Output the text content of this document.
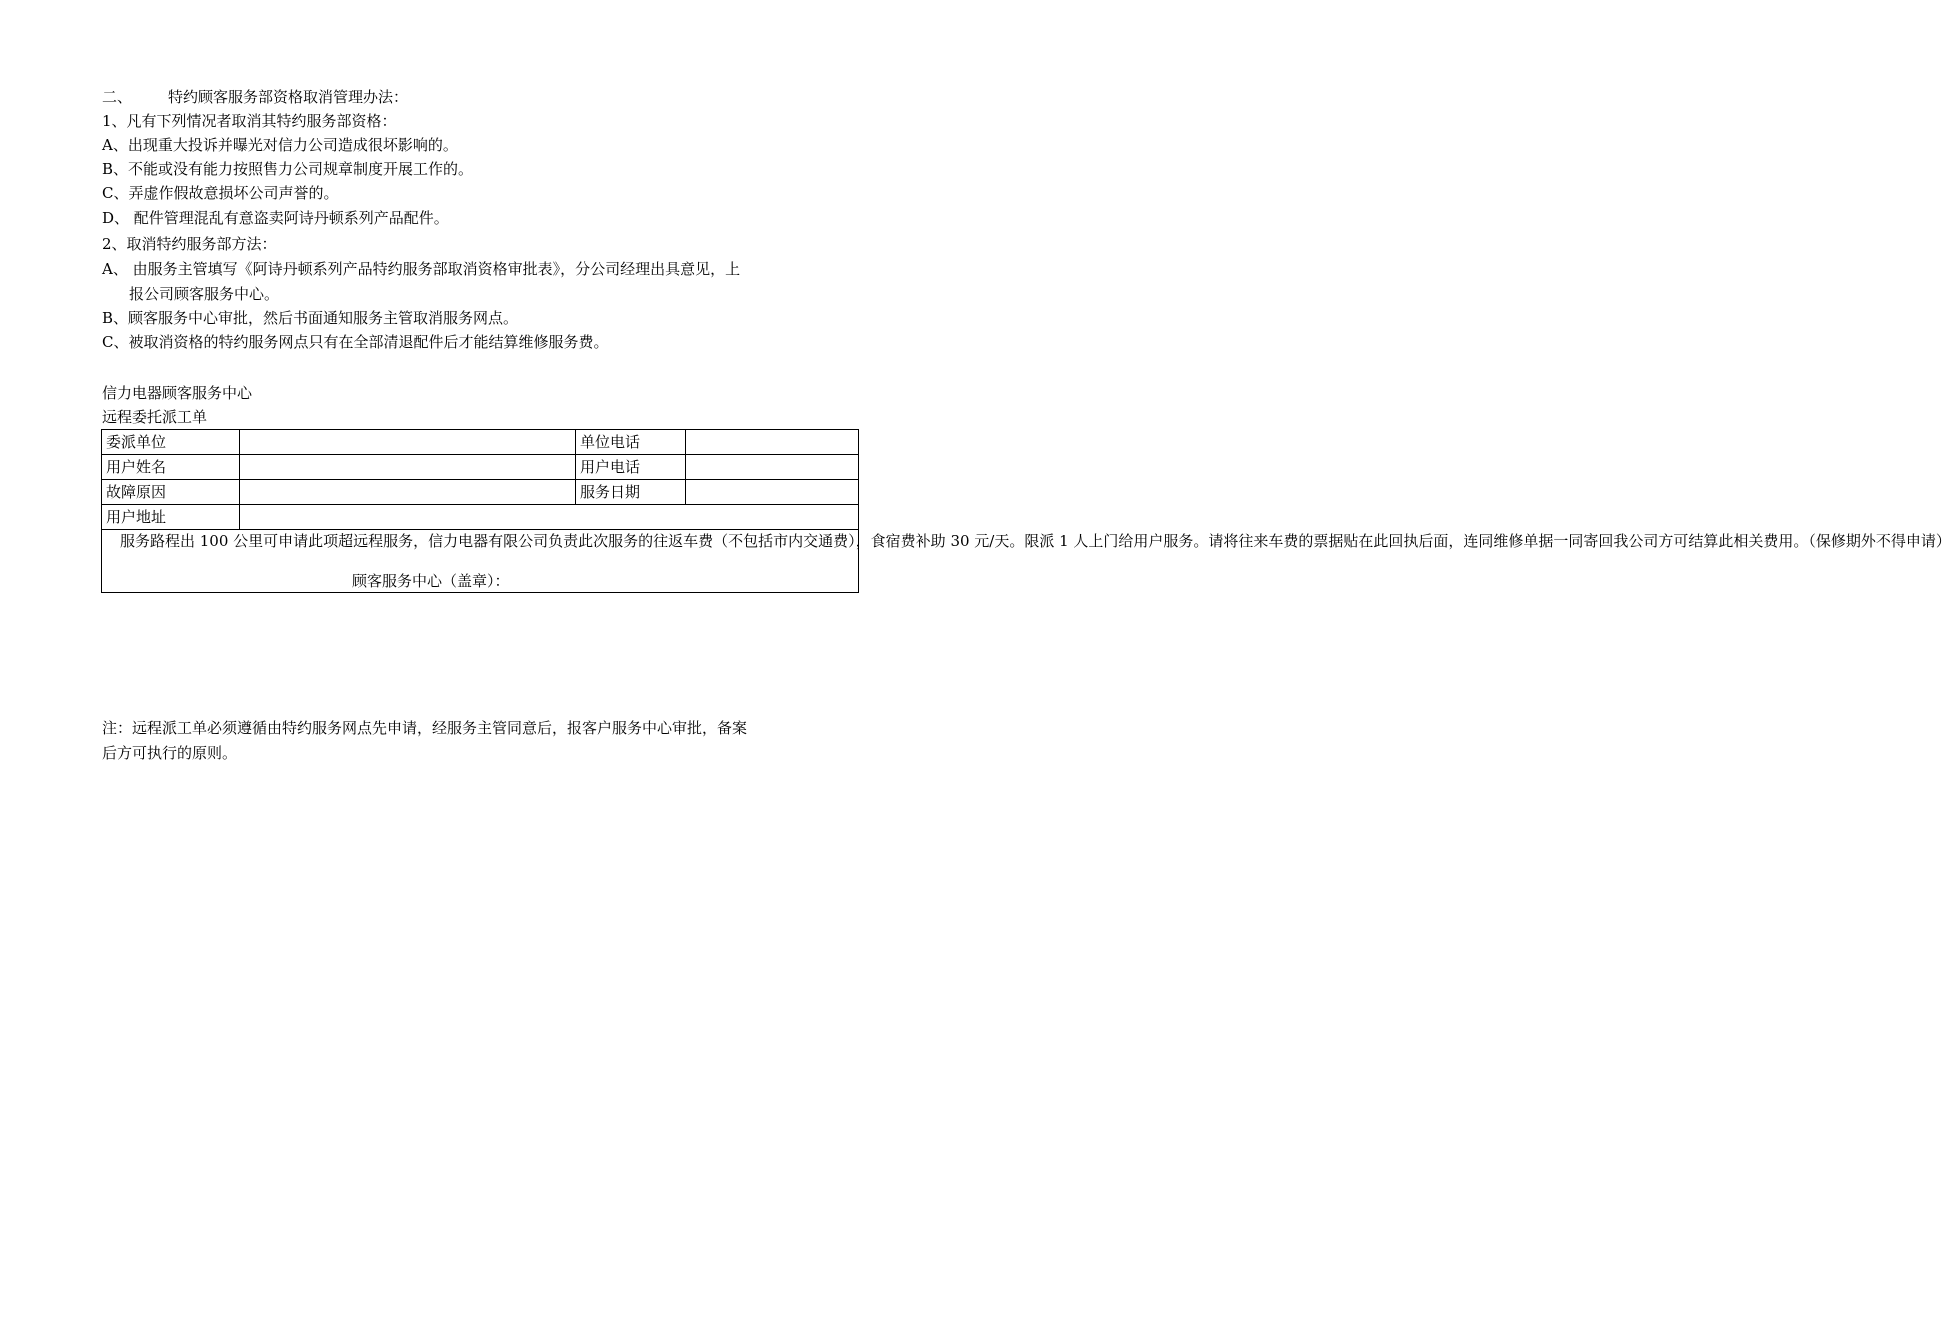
二、 特约顾客服务部资格取消管理办法：
1、凡有下列情况者取消其特约服务部资格：
A、出现重大投诉并曝光对信力公司造成很坏影响的。
B、不能或没有能力按照售力公司规章制度开展工作的。
C、弄虚作假故意损坏公司声誉的。
D、 配件管理混乱有意盗卖阿诗丹顿系列产品配件。
2、取消特约服务部方法：
A、 由服务主管填写《阿诗丹顿系列产品特约服务部取消资格审批表》，分公司经理出具意见，上
报公司顾客服务中心。
B、顾客服务中心审批，然后书面通知服务主管取消服务网点。
C、被取消资格的特约服务网点只有在全部清退配件后才能结算维修服务费。
信力电器顾客服务中心
远程委托派工单
委派单位		单位电话	
用户姓名		用户电话	
故障原因		服务日期	
用户地址			

服务路程出 100 公里可申请此项超远程服务，信力电器有限公司负责此次服务的往返车费（不包括市内交通费），食宿费补助 30 元/天。限派 1 人上门给用户服务。请将往来车费的票据贴在此回执后面，连同维修单据一同寄回我公司方可结算此相关费用。（保修期外不得申请）
顾客服务中心（盖章）：			
注：远程派工单必须遵循由特约服务网点先申请，经服务主管同意后，报客户服务中心审批，备案
后方可执行的原则。
